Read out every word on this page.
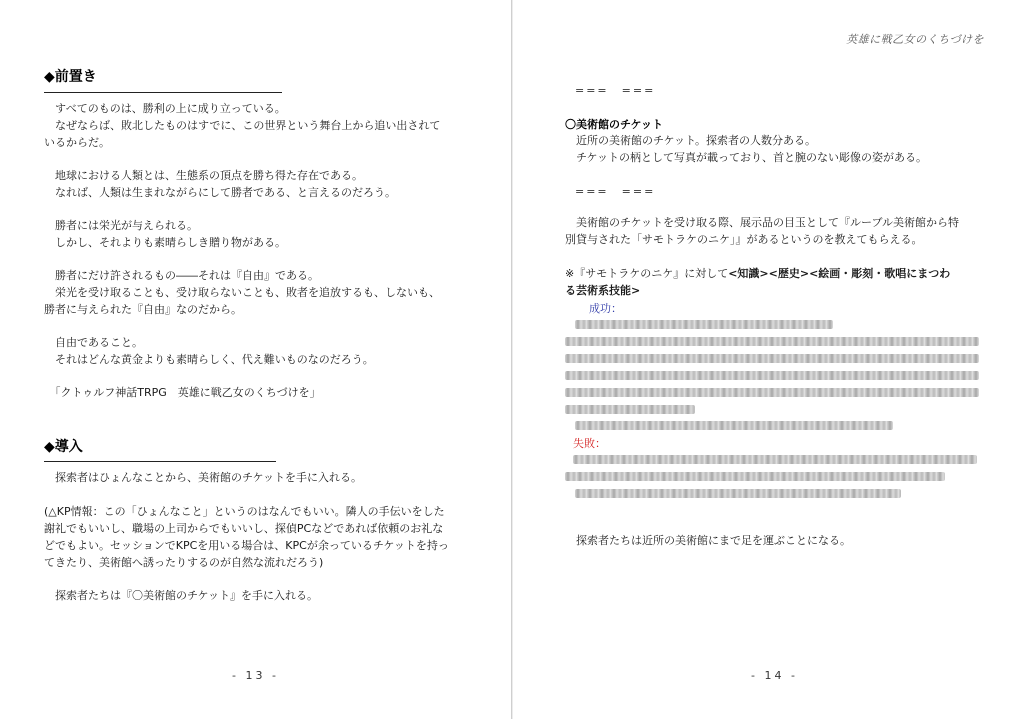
◆前置き
　すべてのものは、勝利の上に成り立っている。
　なぜならば、敗北したものはすでに、この世界という舞台上から追い出されて
いるからだ。
　地球における人類とは、生態系の頂点を勝ち得た存在である。
　なれば、人類は生まれながらにして勝者である、と言えるのだろう。
　勝者には栄光が与えられる。
　しかし、それよりも素晴らしき贈り物がある。
　勝者にだけ許されるもの――それは『自由』である。
　栄光を受け取ることも、受け取らないことも、敗者を追放するも、しないも、
勝者に与えられた『自由』なのだから。
　自由であること。
　それはどんな黄金よりも素晴らしく、代え難いものなのだろう。
　「クトゥルフ神話TRPG　英雄に戦乙女のくちづけを」
◆導入
　探索者はひょんなことから、美術館のチケットを手に入れる。
(△KP情報：この「ひょんなこと」というのはなんでもいい。隣人の手伝いをした
謝礼でもいいし、職場の上司からでもいいし、探偵PCなどであれば依頼のお礼な
どでもよい。セッションでKPCを用いる場合は、KPCが余っているチケットを持っ
てきたり、美術館へ誘ったりするのが自然な流れだろう)
　探索者たちは『〇美術館のチケット』を手に入れる。
- 13 -
英雄に戦乙女のくちづけを
===　===
〇美術館のチケット
　近所の美術館のチケット。探索者の人数分ある。
　チケットの柄として写真が載っており、首と腕のない彫像の姿がある。
===　===
　美術館のチケットを受け取る際、展示品の目玉として『ルーブル美術館から特
別貸与された「サモトラケのニケ」』があるというのを教えてもらえる。
※『サモトラケのニケ』に対して<知識><歴史><絵画・彫刻・歌唱にまつわ
る芸術系技能>
成功：
失敗：
　探索者たちは近所の美術館にまで足を運ぶことになる。
- 14 -
